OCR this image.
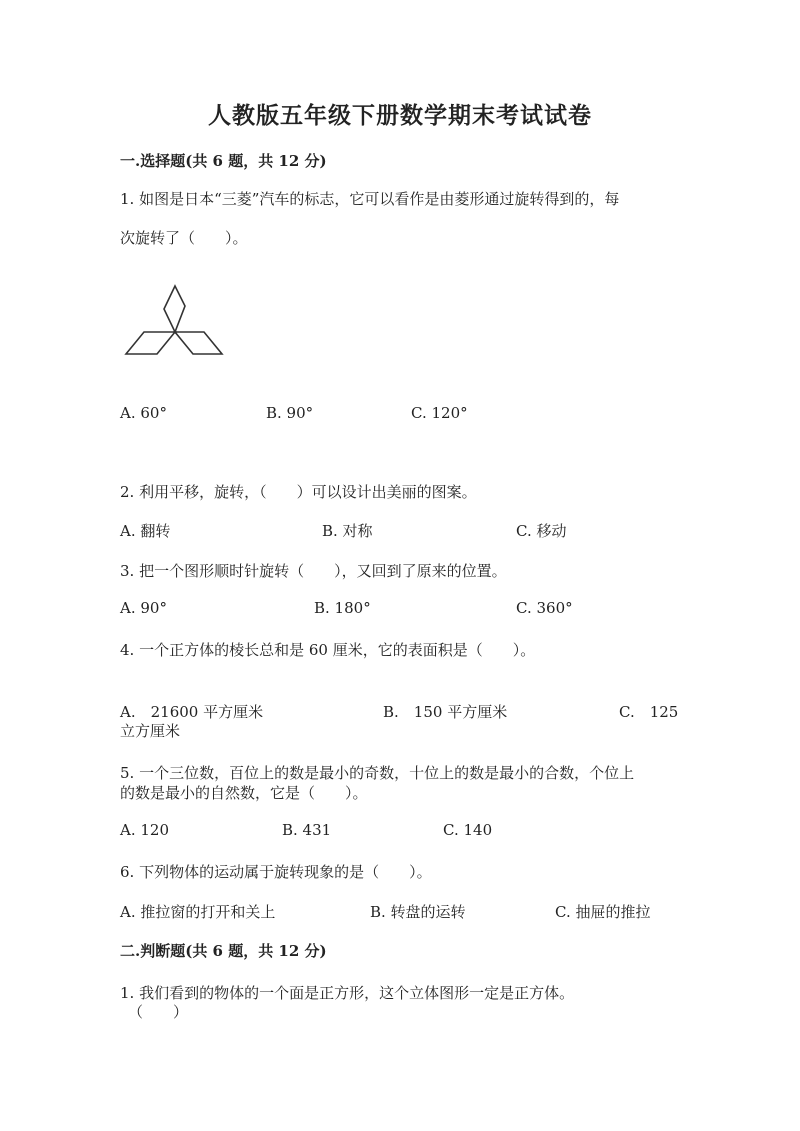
人教版五年级下册数学期末考试试卷
一.选择题(共 6 题，共 12 分)
1. 如图是日本“三菱”汽车的标志，它可以看作是由菱形通过旋转得到的，每
次旋转了（　　）。
A. 60°	B. 90°	C. 120°
2. 利用平移，旋转，（　　）可以设计出美丽的图案。
A. 翻转	B. 对称	C. 移动
3. 把一个图形顺时针旋转（　　），又回到了原来的位置。
A. 90°	B. 180°	C. 360°
4. 一个正方体的棱长总和是 60 厘米，它的表面积是（　　）。
A.　21600 平方厘米	B.　150 平方厘米	C.　125
立方厘米
5. 一个三位数，百位上的数是最小的奇数，十位上的数是最小的合数，个位上
的数是最小的自然数，它是（　　）。
A. 120	B. 431	C. 140
6. 下列物体的运动属于旋转现象的是（　　）。
A. 推拉窗的打开和关上	B. 转盘的运转	C. 抽屉的推拉
二.判断题(共 6 题，共 12 分)
1. 我们看到的物体的一个面是正方形，这个立体图形一定是正方体。
（　　）
